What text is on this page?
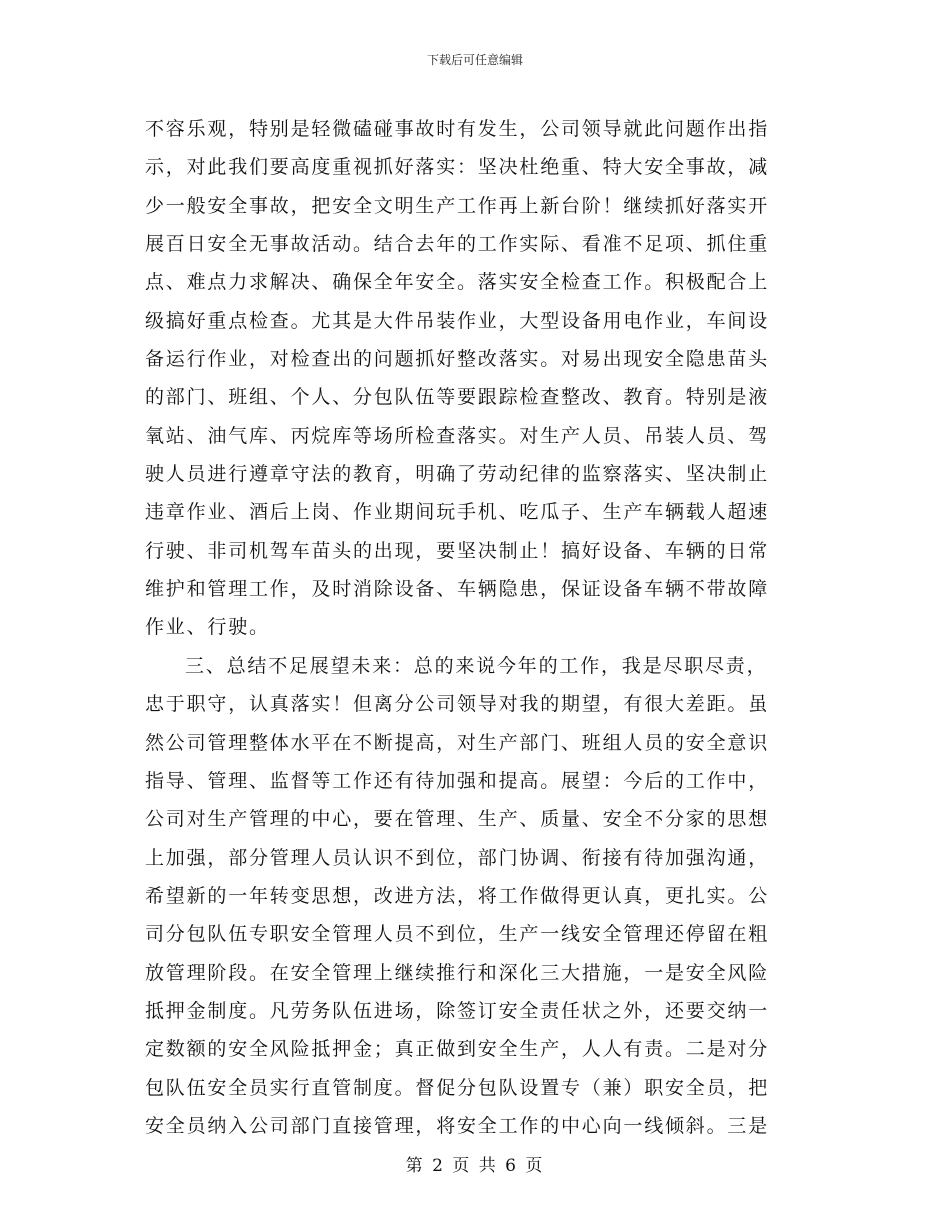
下载后可任意编辑
不容乐观，特别是轻微磕碰事故时有发生，公司领导就此问题作出指
示，对此我们要高度重视抓好落实：坚决杜绝重、特大安全事故，减
少一般安全事故，把安全文明生产工作再上新台阶！继续抓好落实开
展百日安全无事故活动。结合去年的工作实际、看准不足项、抓住重
点、难点力求解决、确保全年安全。落实安全检查工作。积极配合上
级搞好重点检查。尤其是大件吊装作业，大型设备用电作业，车间设
备运行作业，对检查出的问题抓好整改落实。对易出现安全隐患苗头
的部门、班组、个人、分包队伍等要跟踪检查整改、教育。特别是液
氧站、油气库、丙烷库等场所检查落实。对生产人员、吊装人员、驾
驶人员进行遵章守法的教育，明确了劳动纪律的监察落实、坚决制止
违章作业、酒后上岗、作业期间玩手机、吃瓜子、生产车辆载人超速
行驶、非司机驾车苗头的出现，要坚决制止！搞好设备、车辆的日常
维护和管理工作，及时消除设备、车辆隐患，保证设备车辆不带故障
作业、行驶。
三、总结不足展望未来：总的来说今年的工作，我是尽职尽责，
忠于职守，认真落实！但离分公司领导对我的期望，有很大差距。虽
然公司管理整体水平在不断提高，对生产部门、班组人员的安全意识
指导、管理、监督等工作还有待加强和提高。展望：今后的工作中，
公司对生产管理的中心，要在管理、生产、质量、安全不分家的思想
上加强，部分管理人员认识不到位，部门协调、衔接有待加强沟通，
希望新的一年转变思想，改进方法，将工作做得更认真，更扎实。公
司分包队伍专职安全管理人员不到位，生产一线安全管理还停留在粗
放管理阶段。在安全管理上继续推行和深化三大措施，一是安全风险
抵押金制度。凡劳务队伍进场，除签订安全责任状之外，还要交纳一
定数额的安全风险抵押金；真正做到安全生产，人人有责。二是对分
包队伍安全员实行直管制度。督促分包队设置专（兼）职安全员，把
安全员纳入公司部门直接管理，将安全工作的中心向一线倾斜。三是
第 2 页 共 6 页
